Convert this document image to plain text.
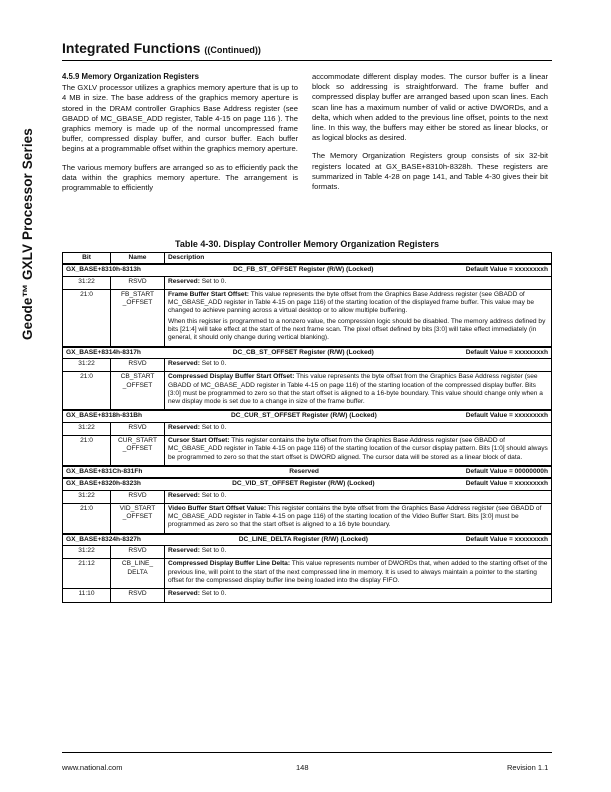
Geode™ GXLV Processor Series
Integrated Functions ((Continued))
4.5.9 Memory Organization Registers

The GXLV processor utilizes a graphics memory aperture that is up to 4 MB in size. The base address of the graphics memory aperture is stored in the DRAM controller Graphics Base Address register (see GBADD of MC_GBASE_ADD register, Table 4-15 on page 116 ). The graphics memory is made up of the normal uncompressed frame buffer, compressed display buffer, and cursor buffer. Each buffer begins at a programmable offset within the graphics memory aperture.

The various memory buffers are arranged so as to efficiently pack the data within the graphics memory aperture. The arrangement is programmable to efficiently

accommodate different display modes. The cursor buffer is a linear block so addressing is straightforward. The frame buffer and compressed display buffer are arranged based upon scan lines. Each scan line has a maximum number of valid or active DWORDs, and a delta, which when added to the previous line offset, points to the next line. In this way, the buffers may either be stored as linear blocks, or as logical blocks as desired.

The Memory Organization Registers group consists of six 32-bit registers located at GX_BASE+8310h-8328h. These registers are summarized in Table 4-28 on page 141, and Table 4-30 gives their bit formats.

Table 4-30. Display Controller Memory Organization Registers
Bit	Name	Description

GX_BASE+8310h-8313h DC_FB_ST_OFFSET Register (R/W) (Locked) Default Value = xxxxxxxxh		

31:22	RSVD	Reserved: Set to 0.

21:0	FB_START _OFFSET	Frame Buffer Start Offset: This value represents the byte offset from the Graphics Base Address register (see GBADD of MC_GBASE_ADD register in Table 4-15 on page 116) of the starting location of the displayed frame buffer. This value may be changed to achieve panning across a virtual desktop or to allow multiple buffering.

When this register is programmed to a nonzero value, the compression logic should be disabled. The memory address defined by bits [21:4] will take effect at the start of the next frame scan. The pixel offset defined by bits [3:0] will take effect immediately (in general, it should only change during vertical blanking).

GX_BASE+8314h-8317h DC_CB_ST_OFFSET Register (R/W) (Locked) Default Value = xxxxxxxxh		

31:22	RSVD	Reserved: Set to 0.

21:0	CB_START _OFFSET	Compressed Display Buffer Start Offset: This value represents the byte offset from the Graphics Base Address register (see GBADD of MC_GBASE_ADD register in Table 4-15 on page 116) of the starting location of the compressed display buffer. Bits [3:0] must be programmed to zero so that the start offset is aligned to a 16-byte boundary. This value should change only when a new display mode is set due to a change in size of the frame buffer.

GX_BASE+8318h-831Bh DC_CUR_ST_OFFSET Register (R/W) (Locked) Default Value = xxxxxxxxh		

31:22	RSVD	Reserved: Set to 0.

21:0	CUR_START _OFFSET	Cursor Start Offset: This register contains the byte offset from the Graphics Base Address register (see GBADD of MC_GBASE_ADD register in Table 4-15 on page 116) of the starting location of the cursor display pattern. Bits [1:0] should always be programmed to zero so that the start offset is DWORD aligned. The cursor data will be stored as a linear block of data.

GX_BASE+831Ch-831Fh Reserved Default Value = 00000000h		

GX_BASE+8320h-8323h DC_VID_ST_OFFSET Register (R/W) (Locked) Default Value = xxxxxxxxh		

31:22	RSVD	Reserved: Set to 0.

21:0	VID_START _OFFSET	Video Buffer Start Offset Value: This register contains the byte offset from the Graphics Base Address register (see GBADD of MC_GBASE_ADD register in Table 4-15 on page 116) of the starting location of the Video Buffer Start. Bits [3:0] must be programmed as zero so that the start offset is aligned to a 16 byte boundary.

GX_BASE+8324h-8327h DC_LINE_DELTA Register (R/W) (Locked) Default Value = xxxxxxxxh		

31:22	RSVD	Reserved: Set to 0.

21:12	CB_LINE_ DELTA	Compressed Display Buffer Line Delta: This value represents number of DWORDs that, when added to the starting offset of the previous line, will point to the start of the next compressed line in memory. It is used to always maintain a pointer to the starting offset for the compressed display buffer line being loaded into the display FIFO.

11:10	RSVD	Reserved: Set to 0.

www.national.com	148	Revision 1.1
